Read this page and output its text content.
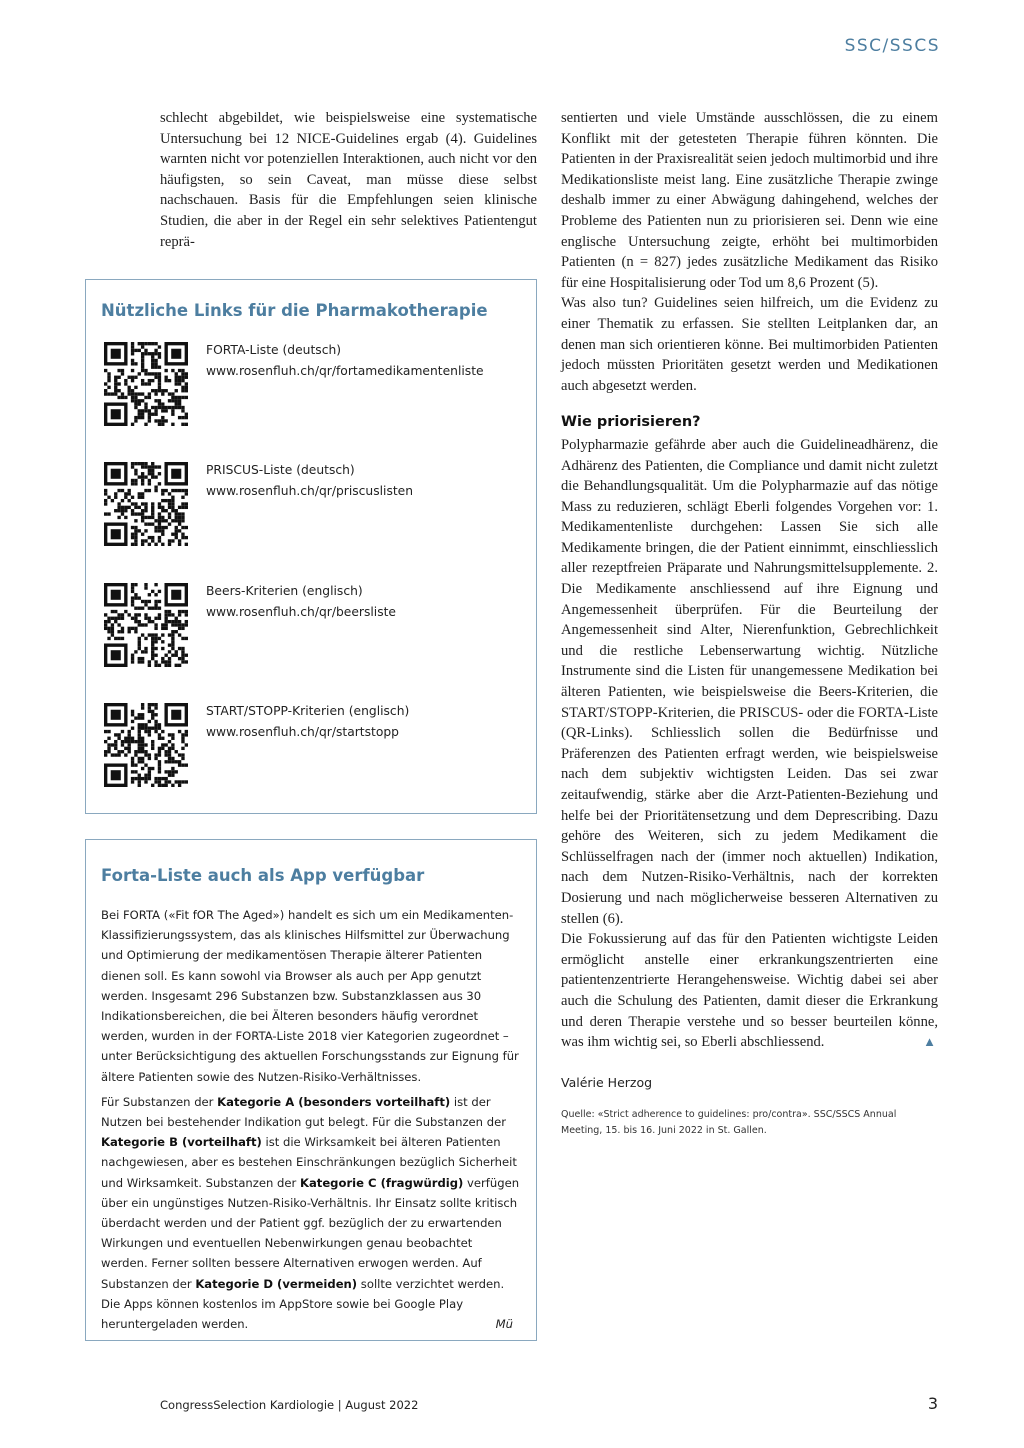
SSC/SSCS

schlecht abgebildet, wie beispielsweise eine systematische Untersuchung bei 12 NICE-Guidelines ergab (4). Guidelines warnten nicht vor potenziellen Interaktionen, auch nicht vor den häufigsten, so sein Caveat, man müsse diese selbst nachschauen. Basis für die Empfehlungen seien klinische Studien, die aber in der Regel ein sehr selektives Patientengut reprä-

Nützliche Links für die Pharmakotherapie
FORTA-Liste (deutsch)
www.rosenfluh.ch/qr/fortamedikamentenliste
PRISCUS-Liste (deutsch)
www.rosenfluh.ch/qr/priscuslisten
Beers-Kriterien (englisch)
www.rosenfluh.ch/qr/beersliste
START/STOPP-Kriterien (englisch)
www.rosenfluh.ch/qr/startstopp
Forta-Liste auch als App verfügbar

Bei FORTA («Fit fOR The Aged») handelt es sich um ein Medikamenten-Klassifizierungssystem, das als klinisches Hilfsmittel zur Überwachung und Optimierung der medikamentösen Therapie älterer Patienten dienen soll. Es kann sowohl via Browser als auch per App genutzt werden. Insgesamt 296 Substanzen bzw. Substanzklassen aus 30 Indikationsbereichen, die bei Älteren besonders häufig verordnet werden, wurden in der FORTA-Liste 2018 vier Kategorien zugeordnet – unter Berücksichtigung des aktuellen Forschungsstands zur Eignung für ältere Patienten sowie des Nutzen-Risiko-Verhältnisses.

Für Substanzen der Kategorie A (besonders vorteilhaft) ist der Nutzen bei bestehender Indikation gut belegt. Für die Substanzen der Kategorie B (vorteilhaft) ist die Wirksamkeit bei älteren Patienten nachgewiesen, aber es bestehen Einschränkungen bezüglich Sicherheit und Wirksamkeit. Substanzen der Kategorie C (fragwürdig) verfügen über ein ungünstiges Nutzen-Risiko-Verhältnis. Ihr Einsatz sollte kritisch überdacht werden und der Patient ggf. bezüglich der zu erwartenden Wirkungen und eventuellen Nebenwirkungen genau beobachtet werden. Ferner sollten bessere Alternativen erwogen werden. Auf Substanzen der Kategorie D (vermeiden) sollte verzichtet werden.
Die Apps können kostenlos im AppStore sowie bei Google Play heruntergeladen werden.	Mü

sentierten und viele Umstände ausschlössen, die zu einem Konflikt mit der getesteten Therapie führen könnten. Die Patienten in der Praxisrealität seien jedoch multimorbid und ihre Medikationsliste meist lang. Eine zusätzliche Therapie zwinge deshalb immer zu einer Abwägung dahingehend, welches der Probleme des Patienten nun zu priorisieren sei. Denn wie eine englische Untersuchung zeigte, erhöht bei multimorbiden Patienten (n = 827) jedes zusätzliche Medikament das Risiko für eine Hospitalisierung oder Tod um 8,6 Prozent (5).

Was also tun? Guidelines seien hilfreich, um die Evidenz zu einer Thematik zu erfassen. Sie stellten Leitplanken dar, an denen man sich orientieren könne. Bei multimorbiden Patienten jedoch müssten Prioritäten gesetzt werden und Medikationen auch abgesetzt werden.

Wie priorisieren?

Polypharmazie gefährde aber auch die Guidelineadhärenz, die Adhärenz des Patienten, die Compliance und damit nicht zuletzt die Behandlungsqualität. Um die Polypharmazie auf das nötige Mass zu reduzieren, schlägt Eberli folgendes Vorgehen vor: 1. Medikamentenliste durchgehen: Lassen Sie sich alle Medikamente bringen, die der Patient einnimmt, einschliesslich aller rezeptfreien Präparate und Nahrungsmittelsupplemente. 2. Die Medikamente anschliessend auf ihre Eignung und Angemessenheit überprüfen. Für die Beurteilung der Angemessenheit sind Alter, Nierenfunktion, Gebrechlichkeit und die restliche Lebenserwartung wichtig. Nützliche Instrumente sind die Listen für unangemessene Medikation bei älteren Patienten, wie beispielsweise die Beers-Kriterien, die START/STOPP-Kriterien, die PRISCUS- oder die FORTA-Liste (QR-Links). Schliesslich sollen die Bedürfnisse und Präferenzen des Patienten erfragt werden, wie beispielsweise nach dem subjektiv wichtigsten Leiden. Das sei zwar zeitaufwendig, stärke aber die Arzt-Patienten-Beziehung und helfe bei der Prioritätensetzung und dem Deprescribing. Dazu gehöre des Weiteren, sich zu jedem Medikament die Schlüsselfragen nach der (immer noch aktuellen) Indikation, nach dem Nutzen-Risiko-Verhältnis, nach der korrekten Dosierung und nach möglicherweise besseren Alternativen zu stellen (6).

Die Fokussierung auf das für den Patienten wichtigste Leiden ermöglicht anstelle einer erkrankungszentrierten eine patientenzentrierte Herangehensweise. Wichtig dabei sei aber auch die Schulung des Patienten, damit dieser die Erkrankung und deren Therapie verstehe und so besser beurteilen könne, was ihm wichtig sei, so Eberli abschliessend.	▲

Valérie Herzog
Quelle: «Strict adherence to guidelines: pro/contra». SSC/SSCS Annual Meeting, 15. bis 16. Juni 2022 in St. Gallen.
CongressSelection Kardiologie | August 2022	3
